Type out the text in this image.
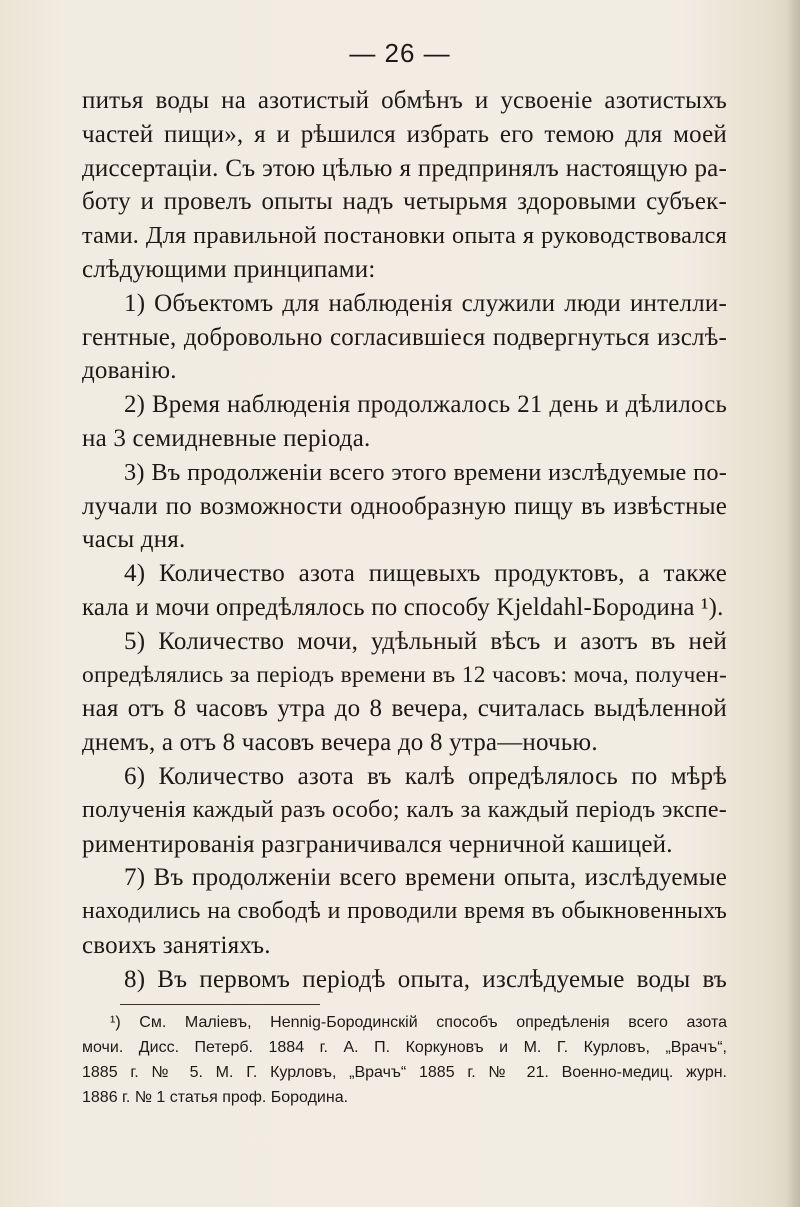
— 26 —
питья воды на азотистый обмѣнъ и усвоеніе азотистыхъ
частей пищи», я и рѣшился избрать его темою для моей
диссертаціи. Съ этою цѣлью я предпринялъ настоящую ра-
боту и провелъ опыты надъ четырьмя здоровыми субъек-
тами. Для правильной постановки опыта я руководствовался
слѣдующими принципами:
1) Объектомъ для наблюденія служили люди интелли-
гентные, добровольно согласившіеся подвергнуться изслѣ-
дованію.
2) Время наблюденія продолжалось 21 день и дѣлилось
на 3 семидневные періода.
3) Въ продолженіи всего этого времени изслѣдуемые по-
лучали по возможности однообразную пищу въ извѣстные
часы дня.
4) Количество азота пищевыхъ продуктовъ, а также
кала и мочи опредѣлялось по способу Kjeldahl-Бородина ¹).
5) Количество мочи, удѣльный вѣсъ и азотъ въ ней
опредѣлялись за періодъ времени въ 12 часовъ: моча, получен-
ная отъ 8 часовъ утра до 8 вечера, считалась выдѣленной
днемъ, а отъ 8 часовъ вечера до 8 утра—ночью.
6) Количество азота въ калѣ опредѣлялось по мѣрѣ
полученія каждый разъ особо; калъ за каждый періодъ экспе-
риментированія разграничивался черничной кашицей.
7) Въ продолженіи всего времени опыта, изслѣдуемые
находились на свободѣ и проводили время въ обыкновенныхъ
своихъ занятіяхъ.
8) Въ первомъ періодѣ опыта, изслѣдуемые воды въ
¹) См. Маліевъ, Hennig-Бородинскій способъ опредѣленія всего азота
мочи. Дисс. Петерб. 1884 г. А. П. Коркуновъ и М. Г. Курловъ, „Врачъ“,
1885 г. № 5. М. Г. Курловъ, „Врачъ“ 1885 г. № 21. Военно-медиц. журн.
1886 г. № 1 статья проф. Бородина.
